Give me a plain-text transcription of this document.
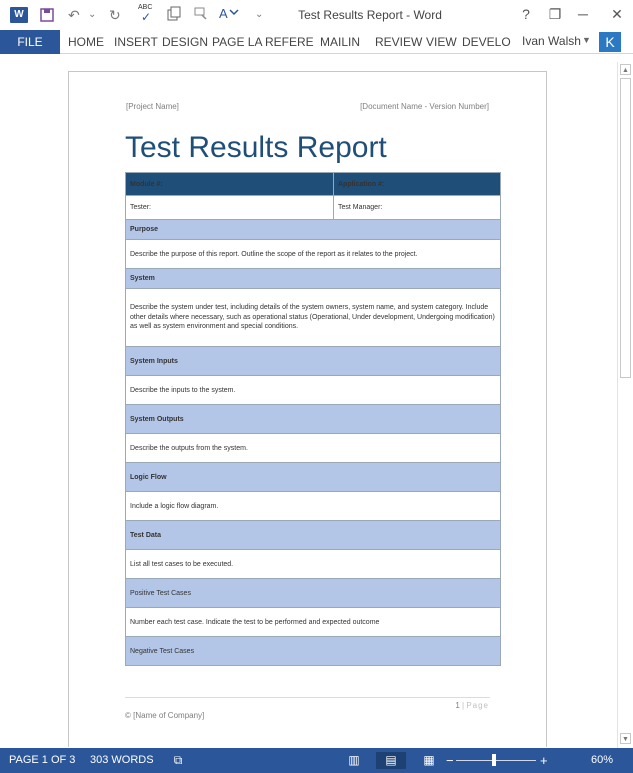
W	↶ ⌄ ↻ ABC
✓	A	⌄	Test Results Report - Word	?	❐	─	✕
FILE	HOME INSERT DESIGN PAGE LA REFERE MAILIN REVIEW VIEW DEVELO Ivan Walsh ▼	K
[Project Name]	[Document Name - Version Number]
Test Results Report
Module #:	Application #:
Tester:	Test Manager:
Purpose	
Describe the purpose of this report. Outline the scope of the report as it relates to the project.	
System	
Describe the system under test, including details of the system owners, system name, and system category. Include other details where necessary, such as operational status (Operational, Under development, Undergoing modification) as well as system environment and special conditions.	
System Inputs	
Describe the inputs to the system.	
System Outputs	
Describe the outputs from the system.	
Logic Flow	
Include a logic flow diagram.	
Test Data	
List all test cases to be executed.	
Positive Test Cases	
Number each test case. Indicate the test to be performed and expected outcome	
Negative Test Cases	
1 | Page
© [Name of Company]
▲
▼
PAGE 1 OF 3 303 WORDS	⧉	▥	▤	▦ −	+	60%
